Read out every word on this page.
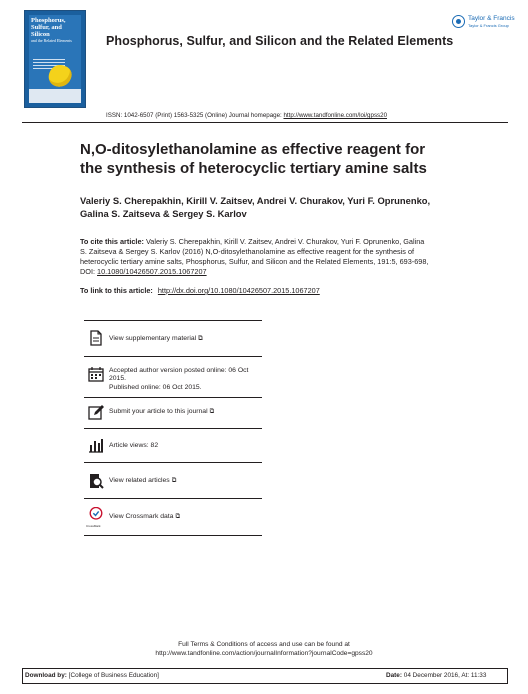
Phosphorus,
Sulfur, and
Silicon
and the Related Elements	Phosphorus, Sulfur, and Silicon and the Related Elements
Taylor & Francis
Taylor & Francis Group
ISSN: 1042-6507 (Print) 1563-5325 (Online) Journal homepage: http://www.tandfonline.com/loi/gpss20
N,O-ditosylethanolamine as effective reagent for the synthesis of heterocyclic tertiary amine salts
Valeriy S. Cherepakhin, Kirill V. Zaitsev, Andrei V. Churakov, Yuri F. Oprunenko, Galina S. Zaitseva & Sergey S. Karlov
To cite this article: Valeriy S. Cherepakhin, Kirill V. Zaitsev, Andrei V. Churakov, Yuri F. Oprunenko, Galina S. Zaitseva & Sergey S. Karlov (2016) N,O-ditosylethanolamine as effective reagent for the synthesis of heterocyclic tertiary amine salts, Phosphorus, Sulfur, and Silicon and the Related Elements, 191:5, 693-698, DOI: 10.1080/10426507.2015.1067207
To link to this article: http://dx.doi.org/10.1080/10426507.2015.1067207
View supplementary material ⧉
Accepted author version posted online: 06 Oct 2015.
Published online: 06 Oct 2015.
Submit your article to this journal ⧉
Article views: 82
View related articles ⧉
CrossMark
View Crossmark data ⧉
Full Terms & Conditions of access and use can be found at
http://www.tandfonline.com/action/journalInformation?journalCode=gpss20
Download by: [College of Business Education]	Date: 04 December 2016, At: 11:33
